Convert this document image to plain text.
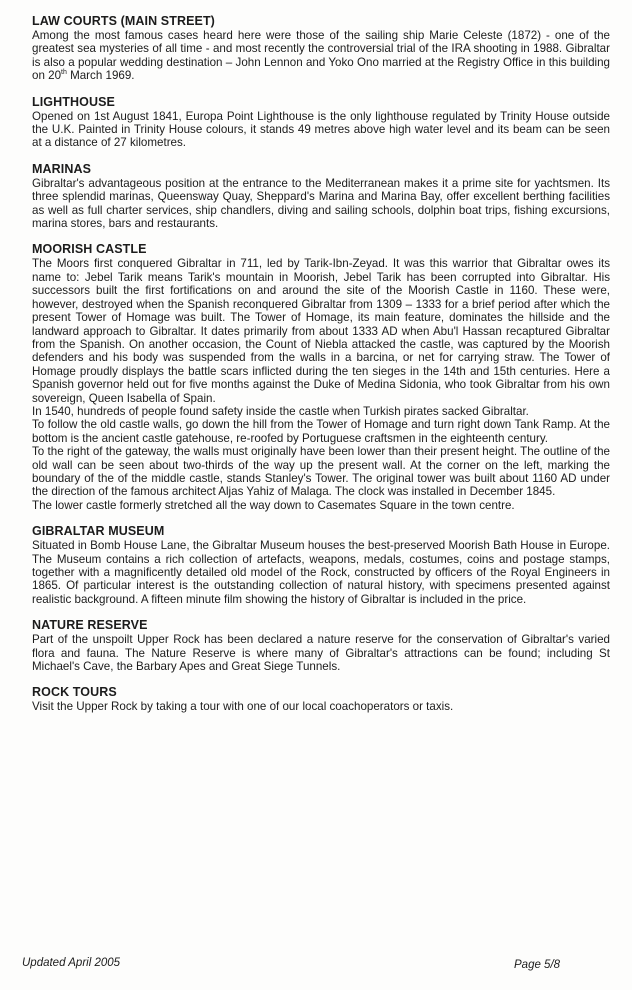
LAW COURTS (MAIN STREET)

Among the most famous cases heard here were those of the sailing ship Marie Celeste (1872) - one of the greatest sea mysteries of all time - and most recently the controversial trial of the IRA shooting in 1988. Gibraltar is also a popular wedding destination – John Lennon and Yoko Ono married at the Registry Office in this building on 20th March 1969.

LIGHTHOUSE

Opened on 1st August 1841, Europa Point Lighthouse is the only lighthouse regulated by Trinity House outside the U.K. Painted in Trinity House colours, it stands 49 metres above high water level and its beam can be seen at a distance of 27 kilometres.

MARINAS

Gibraltar's advantageous position at the entrance to the Mediterranean makes it a prime site for yachtsmen. Its three splendid marinas, Queensway Quay, Sheppard's Marina and Marina Bay, offer excellent berthing facilities as well as full charter services, ship chandlers, diving and sailing schools, dolphin boat trips, fishing excursions, marina stores, bars and restaurants.

MOORISH CASTLE

The Moors first conquered Gibraltar in 711, led by Tarik-Ibn-Zeyad. It was this warrior that Gibraltar owes its name to: Jebel Tarik means Tarik's mountain in Moorish, Jebel Tarik has been corrupted into Gibraltar. His successors built the first fortifications on and around the site of the Moorish Castle in 1160. These were, however, destroyed when the Spanish reconquered Gibraltar from 1309 – 1333 for a brief period after which the present Tower of Homage was built. The Tower of Homage, its main feature, dominates the hillside and the landward approach to Gibraltar. It dates primarily from about 1333 AD when Abu'l Hassan recaptured Gibraltar from the Spanish. On another occasion, the Count of Niebla attacked the castle, was captured by the Moorish defenders and his body was suspended from the walls in a barcina, or net for carrying straw. The Tower of Homage proudly displays the battle scars inflicted during the ten sieges in the 14th and 15th centuries. Here a Spanish governor held out for five months against the Duke of Medina Sidonia, who took Gibraltar from his own sovereign, Queen Isabella of Spain.

In 1540, hundreds of people found safety inside the castle when Turkish pirates sacked Gibraltar.

To follow the old castle walls, go down the hill from the Tower of Homage and turn right down Tank Ramp. At the bottom is the ancient castle gatehouse, re-roofed by Portuguese craftsmen in the eighteenth century.

To the right of the gateway, the walls must originally have been lower than their present height. The outline of the old wall can be seen about two-thirds of the way up the present wall. At the corner on the left, marking the boundary of the of the middle castle, stands Stanley's Tower. The original tower was built about 1160 AD under the direction of the famous architect Aljas Yahiz of Malaga. The clock was installed in December 1845.

The lower castle formerly stretched all the way down to Casemates Square in the town centre.

GIBRALTAR MUSEUM

Situated in Bomb House Lane, the Gibraltar Museum houses the best-preserved Moorish Bath House in Europe. The Museum contains a rich collection of artefacts, weapons, medals, costumes, coins and postage stamps, together with a magnificently detailed old model of the Rock, constructed by officers of the Royal Engineers in 1865. Of particular interest is the outstanding collection of natural history, with specimens presented against realistic background. A fifteen minute film showing the history of Gibraltar is included in the price.

NATURE RESERVE

Part of the unspoilt Upper Rock has been declared a nature reserve for the conservation of Gibraltar's varied flora and fauna. The Nature Reserve is where many of Gibraltar's attractions can be found; including St Michael's Cave, the Barbary Apes and Great Siege Tunnels.

ROCK TOURS

Visit the Upper Rock by taking a tour with one of our local coachoperators or taxis.

Updated April 2005	Page 5/8
